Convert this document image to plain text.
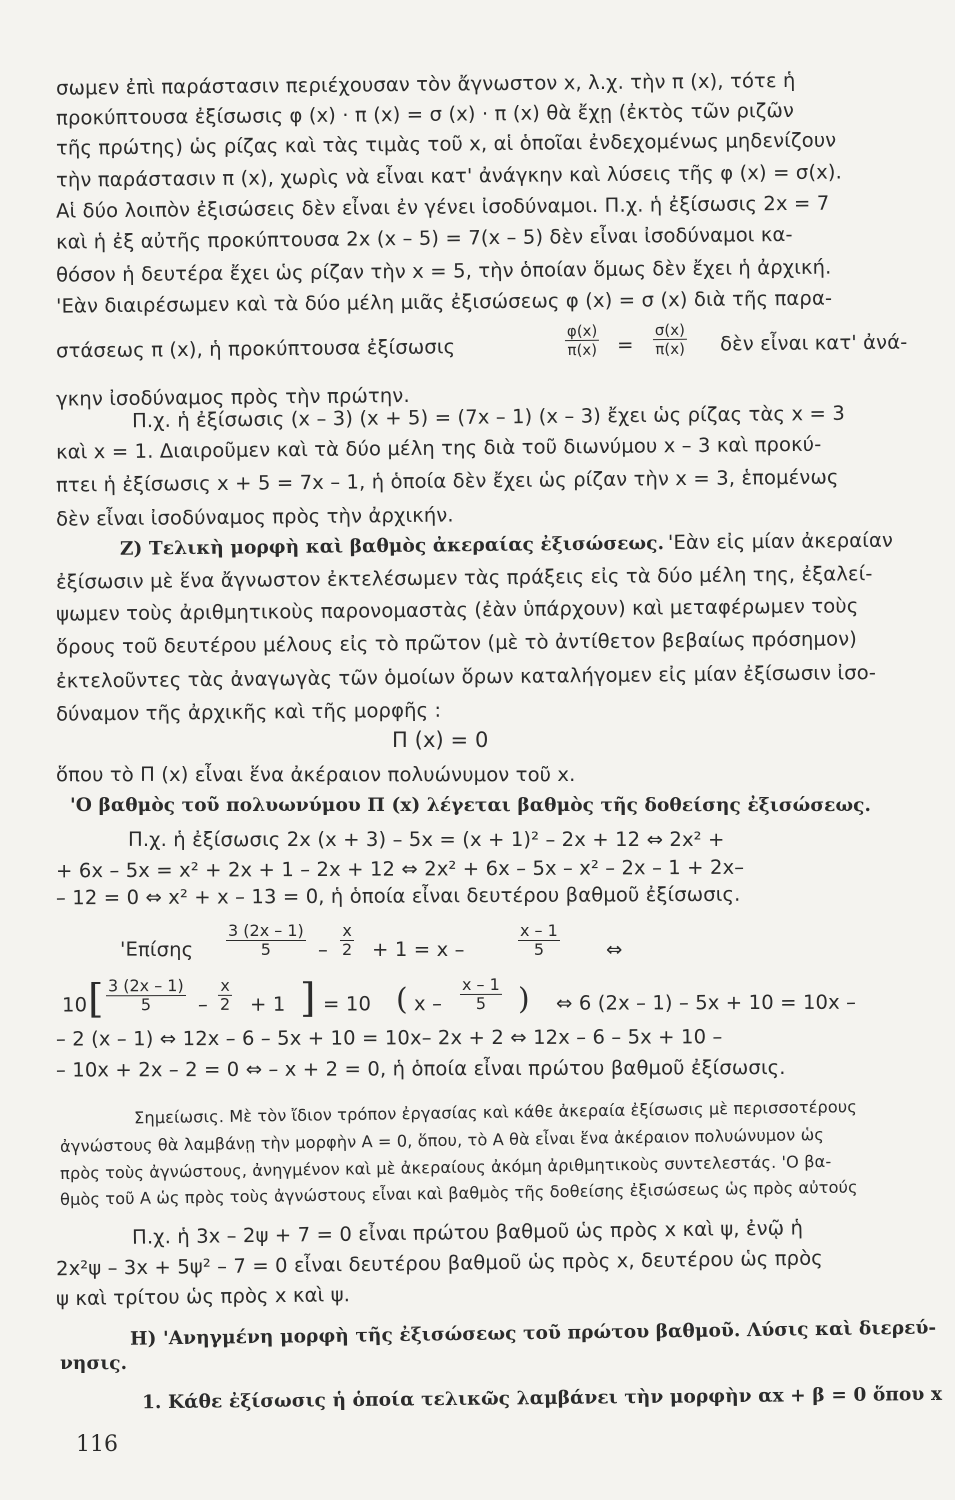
σωμεν ἐπὶ παράστασιν περιέχουσαν τὸν ἄγνωστον x, λ.χ. τὴν π (x), τότε ἡ
προκύπτουσα ἐξίσωσις φ (x) · π (x) = σ (x) · π (x) θὰ ἔχῃ (ἐκτὸς τῶν ριζῶν
τῆς πρώτης) ὡς ρίζας καὶ τὰς τιμὰς τοῦ x, αἱ ὁποῖαι ἐνδεχομένως μηδενίζουν
τὴν παράστασιν π (x), χωρὶς νὰ εἶναι κατ' ἀνάγκην καὶ λύσεις τῆς φ (x) = σ(x).
Αἱ δύο λοιπὸν ἐξισώσεις δὲν εἶναι ἐν γένει ἰσοδύναμοι. Π.χ. ἡ ἐξίσωσις 2x = 7
καὶ ἡ ἐξ αὐτῆς προκύπτουσα 2x (x – 5) = 7(x – 5) δὲν εἶναι ἰσοδύναμοι κα-
θόσον ἡ δευτέρα ἔχει ὡς ρίζαν τὴν x = 5, τὴν ὁποίαν ὅμως δὲν ἔχει ἡ ἀρχική.
'Εὰν διαιρέσωμεν καὶ τὰ δύο μέλη μιᾶς ἐξισώσεως φ (x) = σ (x) διὰ τῆς παρα-
στάσεως π (x), ἡ προκύπτουσα ἐξίσωσις	$\frac{\varphi(x)}{\pi(x)}$ =	$\frac{\sigma(x)}{\pi(x)}$ δὲν εἶναι κατ' ἀνά-
γκην ἰσοδύναμος πρὸς τὴν πρώτην.
Π.χ. ἡ ἐξίσωσις (x – 3) (x + 5) = (7x – 1) (x – 3) ἔχει ὡς ρίζας τὰς x = 3
καὶ x = 1. Διαιροῦμεν καὶ τὰ δύο μέλη της διὰ τοῦ διωνύμου x – 3 καὶ προκύ-
πτει ἡ ἐξίσωσις x + 5 = 7x – 1, ἡ ὁποία δὲν ἔχει ὡς ρίζαν τὴν x = 3, ἑπομένως
δὲν εἶναι ἰσοδύναμος πρὸς τὴν ἀρχικήν.
Ζ) Τελικὴ μορφὴ καὶ βαθμὸς ἀκεραίας ἐξισώσεως. 'Εὰν εἰς μίαν ἀκεραίαν
ἐξίσωσιν μὲ ἕνα ἄγνωστον ἐκτελέσωμεν τὰς πράξεις εἰς τὰ δύο μέλη της, ἐξαλεί-
ψωμεν τοὺς ἀριθμητικοὺς παρονομαστὰς (ἐὰν ὑπάρχουν) καὶ μεταφέρωμεν τοὺς
ὅρους τοῦ δευτέρου μέλους εἰς τὸ πρῶτον (μὲ τὸ ἀντίθετον βεβαίως πρόσημον)
ἐκτελοῦντες τὰς ἀναγωγὰς τῶν ὁμοίων ὅρων καταλήγομεν εἰς μίαν ἐξίσωσιν ἰσο-
δύναμον τῆς ἀρχικῆς καὶ τῆς μορφῆς :
Π (x) = 0
ὅπου τὸ Π (x) εἶναι ἕνα ἀκέραιον πολυώνυμον τοῦ x.
'Ο βαθμὸς τοῦ πολυωνύμου Π (x) λέγεται βαθμὸς τῆς δοθείσης ἐξισώσεως.
Π.χ. ἡ ἐξίσωσις 2x (x + 3) – 5x = (x + 1)² – 2x + 12 ⇔ 2x² +
+ 6x – 5x = x² + 2x + 1 – 2x + 12 ⇔ 2x² + 6x – 5x – x² – 2x – 1 + 2x–
– 12 = 0 ⇔ x² + x – 13 = 0, ἡ ὁποία εἶναι δευτέρου βαθμοῦ ἐξίσωσις.
'Επίσης	$\frac{3 (2x - 1)}{5} - \frac{x}{2} + 1 = x$ –	$\frac{x - 1}{5}$ ⇔
10 [ $\frac{3 (2x - 1)}{5} - \frac{x}{2} + 1$ ] = 10 ( x –	$\frac{x - 1}{5}$ ) ⇔ 6 (2x – 1) – 5x + 10 = 10x –
– 2 (x – 1) ⇔ 12x – 6 – 5x + 10 = 10x– 2x + 2 ⇔ 12x – 6 – 5x + 10 –
– 10x + 2x – 2 = 0 ⇔ – x + 2 = 0, ἡ ὁποία εἶναι πρώτου βαθμοῦ ἐξίσωσις.
Σημείωσις. Μὲ τὸν ἴδιον τρόπον ἐργασίας καὶ κάθε ἀκεραία ἐξίσωσις μὲ περισσοτέρους
ἀγνώστους θὰ λαμβάνῃ τὴν μορφὴν Α = 0, ὅπου, τὸ Α θὰ εἶναι ἕνα ἀκέραιον πολυώνυμον ὡς
πρὸς τοὺς ἀγνώστους, ἀνηγμένον καὶ μὲ ἀκεραίους ἀκόμη ἀριθμητικοὺς συντελεστάς. 'Ο βα-
θμὸς τοῦ Α ὡς πρὸς τοὺς ἀγνώστους εἶναι καὶ βαθμὸς τῆς δοθείσης ἐξισώσεως ὡς πρὸς αὐτούς
Π.χ. ἡ 3x – 2ψ + 7 = 0 εἶναι πρώτου βαθμοῦ ὡς πρὸς x καὶ ψ, ἐνῷ ἡ
2x²ψ – 3x + 5ψ² – 7 = 0 εἶναι δευτέρου βαθμοῦ ὡς πρὸς x, δευτέρου ὡς πρὸς
ψ καὶ τρίτου ὡς πρὸς x καὶ ψ.
Η) 'Ανηγμένη μορφὴ τῆς ἐξισώσεως τοῦ πρώτου βαθμοῦ. Λύσις καὶ διερεύ-
νησις.
1. Κάθε ἐξίσωσις ἡ ὁποία τελικῶς λαμβάνει τὴν μορφὴν αx + β = 0 ὅπου x
116
